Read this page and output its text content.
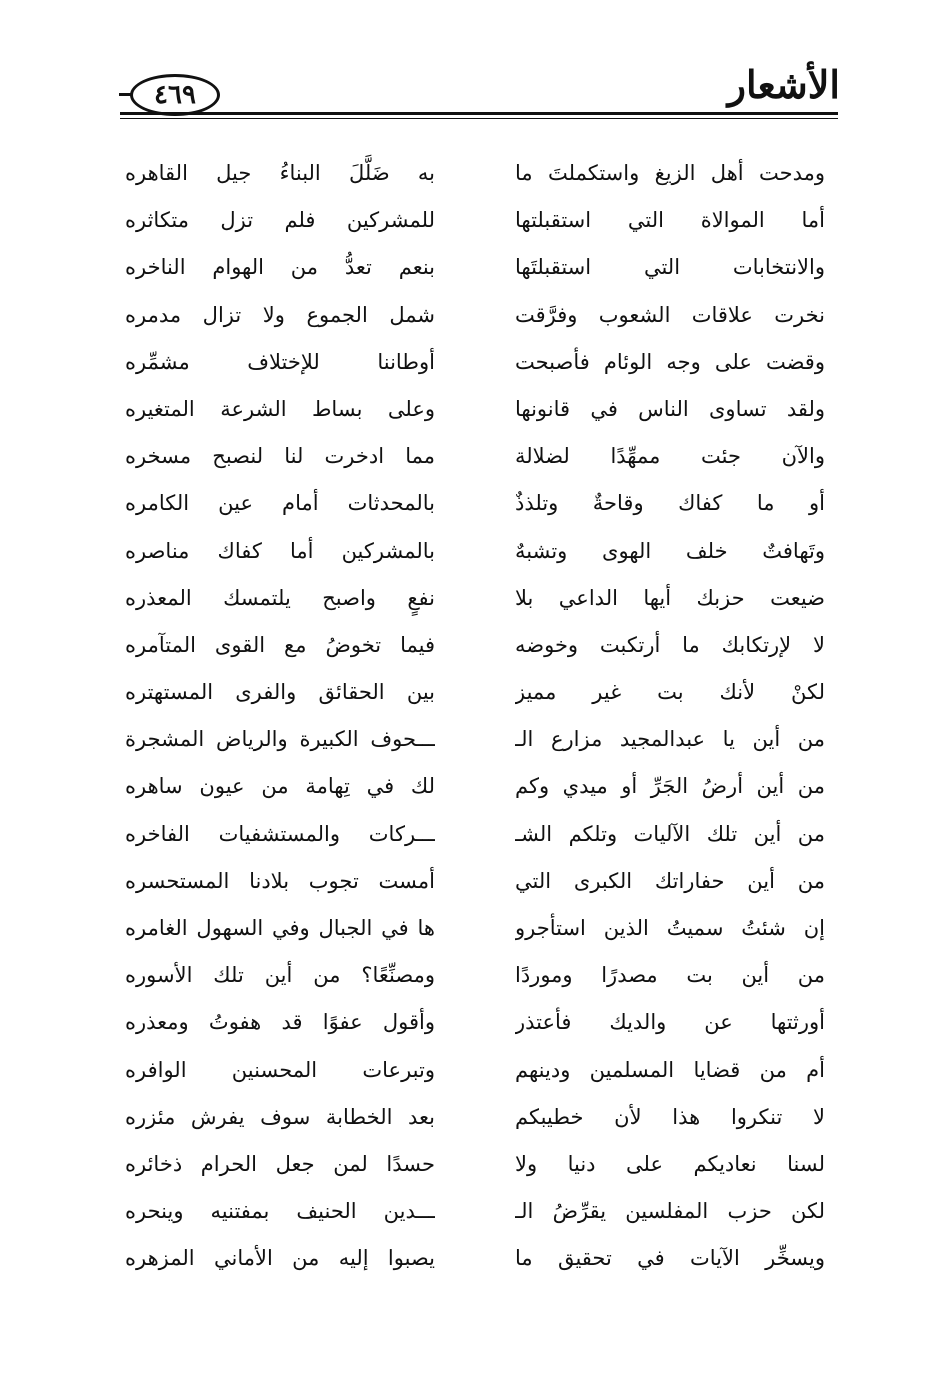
٤٦٩	الأشعار
ومدحت أهل الزيغ واستكملتَ ما
أما الموالاة التي استقبلتها
والانتخابات التي استقبلتَها
نخرت علاقات الشعوب وفرَّقت
وقضت على وجه الوئام فأصبحت
ولقد تساوى الناس في قانونها
والآن جئت ممهِّدًا لضلالة
أو ما كفاك وقاحةٌ وتلذذٌ
وتَهافتٌ خلف الهوى وتشبهٌ
ضيعت حزبك أيها الداعي بلا
لا لإرتكابك ما أرتكبت وخوضه
لكنْ لأنك بت غير مميز
من أين يا عبدالمجيد مزارع الـ
من أين أرضُ الجَرِّ أو ميدي وكم
من أين تلك الآليات وتلكم الشـ
من أين حفاراتك الكبرى التي
إن شئتُ سميتُ الذين استأجرو
من أين بت مصدرًا وموردًا
أورثتها عن والديك فأعتذر
أم من قضايا المسلمين ودينهم
لا تنكروا هذا لأن خطيبكم
لسنا نعاديكم على دنيا ولا
لكن حزب المفلسين يقرِّضُ الـ
ويسخِّر الآيات في تحقيق ما
به ضَلَّلَ البناءُ جيل القاهره
للمشركين فلم تزل متكاثره
بنعم تعدُّ من الهوام الناخره
شمل الجموع ولا تزال مدمره
أوطاننا للإختلاف مشمِّره
وعلى بساط الشرعة المتغيره
مما ادخرت لنا لنصبح مسخره
بالمحدثات أمام عين الكامره
بالمشركين أما كفاك مناصره
نفعٍ واصبح يلتمسك المعذره
فيما تخوضُ مع القوى المتآمره
بين الحقائق والفرى المستهتره
ـــحوف الكبيرة والرياض المشجرة
لك في تِهامة من عيون ساهره
ـــركات والمستشفيات الفاخره
أمست تجوب بلادنا المستحسره
ها في الجبال وفي السهول الغامره
ومصنِّعًا؟ من أين تلك الأسوره
وأقول عفوًا قد هفوتُ ومعذره
وتبرعات المحسنين الوافره
بعد الخطابة سوف يفرش مئزره
حسدًا لمن جعل الحرام ذخائره
ـــدين الحنيف بمفتنيه وينحره
يصبوا إليه من الأماني المزهره
